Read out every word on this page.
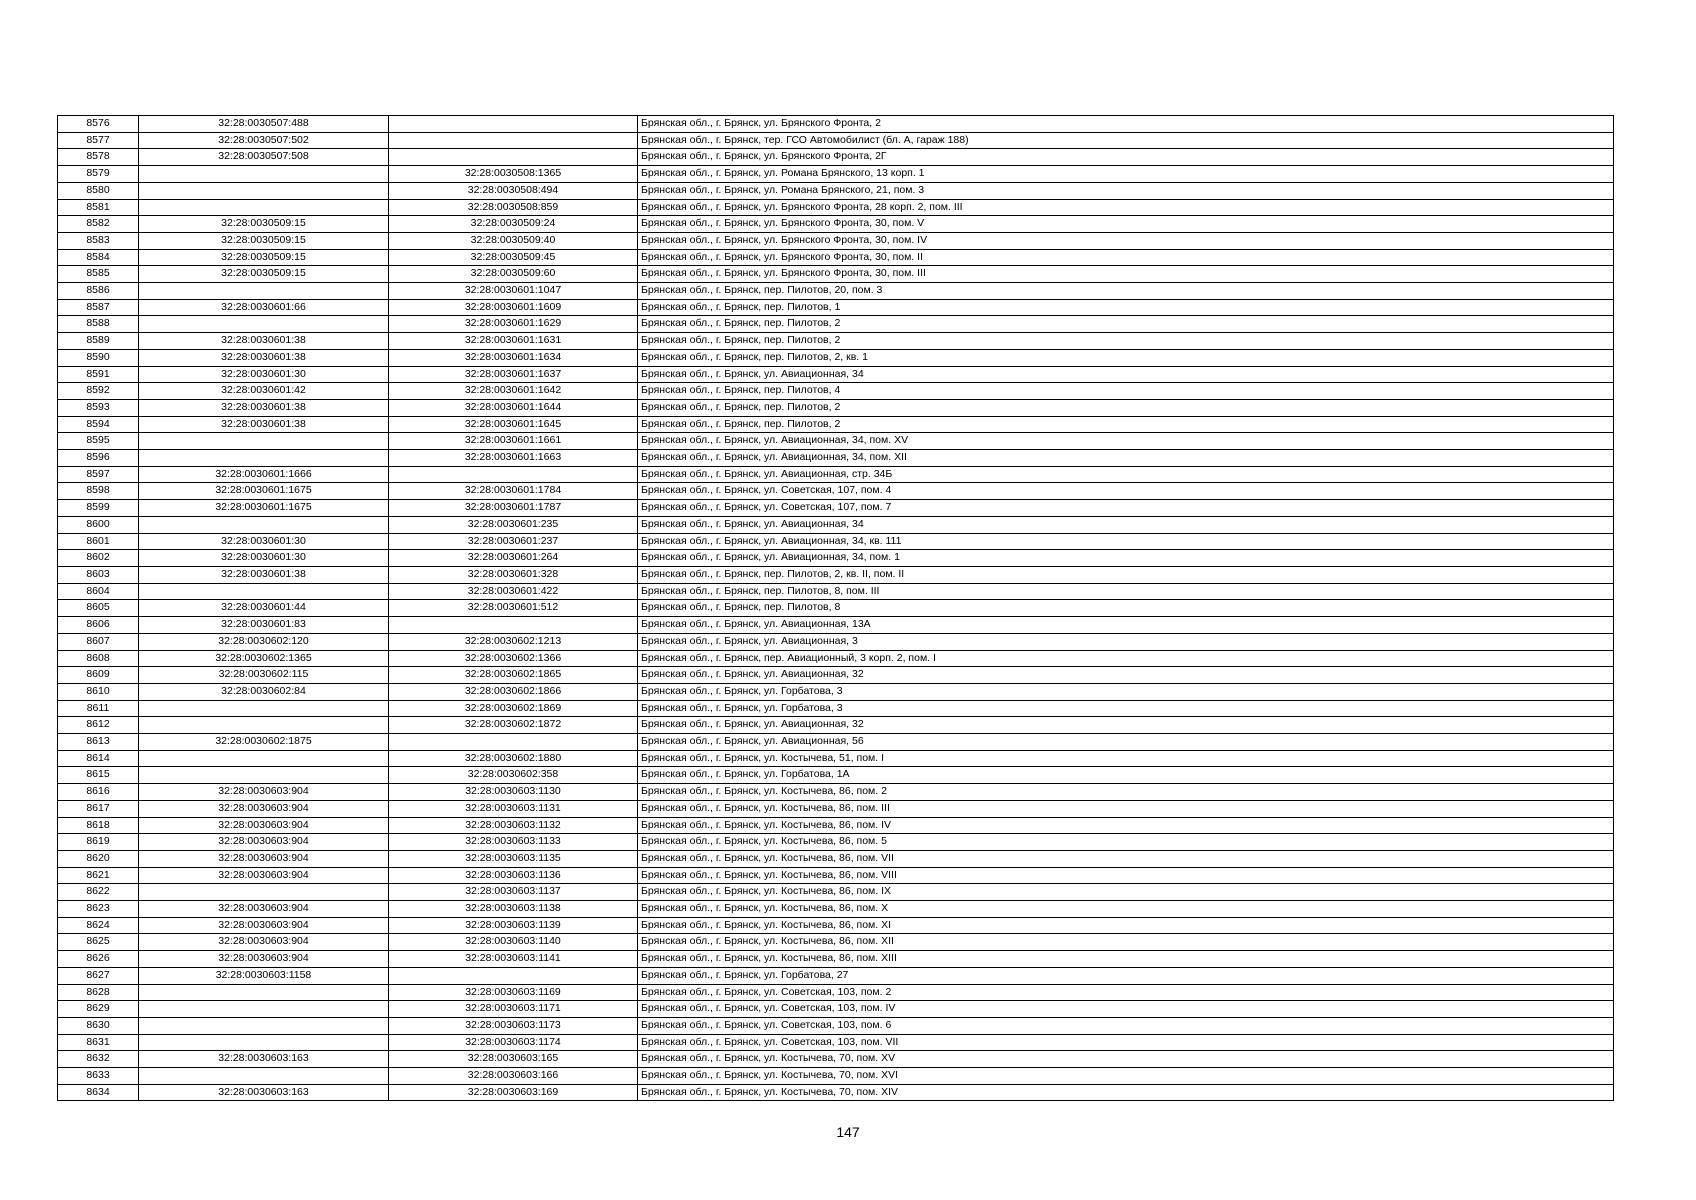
8576	32:28:0030507:488		Брянская обл., г. Брянск, ул. Брянского Фронта, 2
8577	32:28:0030507:502		Брянская обл., г. Брянск, тер. ГСО Автомобилист (бл. А, гараж 188)
8578	32:28:0030507:508		Брянская обл., г. Брянск, ул. Брянского Фронта, 2Г
8579		32:28:0030508:1365	Брянская обл., г. Брянск, ул. Романа Брянского, 13 корп. 1
8580		32:28:0030508:494	Брянская обл., г. Брянск, ул. Романа Брянского, 21, пом. 3
8581		32:28:0030508:859	Брянская обл., г. Брянск, ул. Брянского Фронта, 28 корп. 2, пом. III
8582	32:28:0030509:15	32:28:0030509:24	Брянская обл., г. Брянск, ул. Брянского Фронта, 30, пом. V
8583	32:28:0030509:15	32:28:0030509:40	Брянская обл., г. Брянск, ул. Брянского Фронта, 30, пом. IV
8584	32:28:0030509:15	32:28:0030509:45	Брянская обл., г. Брянск, ул. Брянского Фронта, 30, пом. II
8585	32:28:0030509:15	32:28:0030509:60	Брянская обл., г. Брянск, ул. Брянского Фронта, 30, пом. III
8586		32:28:0030601:1047	Брянская обл., г. Брянск, пер. Пилотов, 20, пом. 3
8587	32:28:0030601:66	32:28:0030601:1609	Брянская обл., г. Брянск, пер. Пилотов, 1
8588		32:28:0030601:1629	Брянская обл., г. Брянск, пер. Пилотов, 2
8589	32:28:0030601:38	32:28:0030601:1631	Брянская обл., г. Брянск, пер. Пилотов, 2
8590	32:28:0030601:38	32:28:0030601:1634	Брянская обл., г. Брянск, пер. Пилотов, 2, кв. 1
8591	32:28:0030601:30	32:28:0030601:1637	Брянская обл., г. Брянск, ул. Авиационная, 34
8592	32:28:0030601:42	32:28:0030601:1642	Брянская обл., г. Брянск, пер. Пилотов, 4
8593	32:28:0030601:38	32:28:0030601:1644	Брянская обл., г. Брянск, пер. Пилотов, 2
8594	32:28:0030601:38	32:28:0030601:1645	Брянская обл., г. Брянск, пер. Пилотов, 2
8595		32:28:0030601:1661	Брянская обл., г. Брянск, ул. Авиационная, 34, пом. XV
8596		32:28:0030601:1663	Брянская обл., г. Брянск, ул. Авиационная, 34, пом. XII
8597	32:28:0030601:1666		Брянская обл., г. Брянск, ул. Авиационная, стр. 34Б
8598	32:28:0030601:1675	32:28:0030601:1784	Брянская обл., г. Брянск, ул. Советская, 107, пом. 4
8599	32:28:0030601:1675	32:28:0030601:1787	Брянская обл., г. Брянск, ул. Советская, 107, пом. 7
8600		32:28:0030601:235	Брянская обл., г. Брянск, ул. Авиационная, 34
8601	32:28:0030601:30	32:28:0030601:237	Брянская обл., г. Брянск, ул. Авиационная, 34, кв. 111
8602	32:28:0030601:30	32:28:0030601:264	Брянская обл., г. Брянск, ул. Авиационная, 34, пом. 1
8603	32:28:0030601:38	32:28:0030601:328	Брянская обл., г. Брянск, пер. Пилотов, 2, кв. II, пом. II
8604		32:28:0030601:422	Брянская обл., г. Брянск, пер. Пилотов, 8, пом. III
8605	32:28:0030601:44	32:28:0030601:512	Брянская обл., г. Брянск, пер. Пилотов, 8
8606	32:28:0030601:83		Брянская обл., г. Брянск, ул. Авиационная, 13А
8607	32:28:0030602:120	32:28:0030602:1213	Брянская обл., г. Брянск, ул. Авиационная, 3
8608	32:28:0030602:1365	32:28:0030602:1366	Брянская обл., г. Брянск, пер. Авиационный, 3 корп. 2, пом. I
8609	32:28:0030602:115	32:28:0030602:1865	Брянская обл., г. Брянск, ул. Авиационная, 32
8610	32:28:0030602:84	32:28:0030602:1866	Брянская обл., г. Брянск, ул. Горбатова, 3
8611		32:28:0030602:1869	Брянская обл., г. Брянск, ул. Горбатова, 3
8612		32:28:0030602:1872	Брянская обл., г. Брянск, ул. Авиационная, 32
8613	32:28:0030602:1875		Брянская обл., г. Брянск, ул. Авиационная, 56
8614		32:28:0030602:1880	Брянская обл., г. Брянск, ул. Костычева, 51, пом. I
8615		32:28:0030602:358	Брянская обл., г. Брянск, ул. Горбатова, 1А
8616	32:28:0030603:904	32:28:0030603:1130	Брянская обл., г. Брянск, ул. Костычева, 86, пом. 2
8617	32:28:0030603:904	32:28:0030603:1131	Брянская обл., г. Брянск, ул. Костычева, 86, пом. III
8618	32:28:0030603:904	32:28:0030603:1132	Брянская обл., г. Брянск, ул. Костычева, 86, пом. IV
8619	32:28:0030603:904	32:28:0030603:1133	Брянская обл., г. Брянск, ул. Костычева, 86, пом. 5
8620	32:28:0030603:904	32:28:0030603:1135	Брянская обл., г. Брянск, ул. Костычева, 86, пом. VII
8621	32:28:0030603:904	32:28:0030603:1136	Брянская обл., г. Брянск, ул. Костычева, 86, пом. VIII
8622		32:28:0030603:1137	Брянская обл., г. Брянск, ул. Костычева, 86, пом. IX
8623	32:28:0030603:904	32:28:0030603:1138	Брянская обл., г. Брянск, ул. Костычева, 86, пом. X
8624	32:28:0030603:904	32:28:0030603:1139	Брянская обл., г. Брянск, ул. Костычева, 86, пом. XI
8625	32:28:0030603:904	32:28:0030603:1140	Брянская обл., г. Брянск, ул. Костычева, 86, пом. XII
8626	32:28:0030603:904	32:28:0030603:1141	Брянская обл., г. Брянск, ул. Костычева, 86, пом. XIII
8627	32:28:0030603:1158		Брянская обл., г. Брянск, ул. Горбатова, 27
8628		32:28:0030603:1169	Брянская обл., г. Брянск, ул. Советская, 103, пом. 2
8629		32:28:0030603:1171	Брянская обл., г. Брянск, ул. Советская, 103, пом. IV
8630		32:28:0030603:1173	Брянская обл., г. Брянск, ул. Советская, 103, пом. 6
8631		32:28:0030603:1174	Брянская обл., г. Брянск, ул. Советская, 103, пом. VII
8632	32:28:0030603:163	32:28:0030603:165	Брянская обл., г. Брянск, ул. Костычева, 70, пом. XV
8633		32:28:0030603:166	Брянская обл., г. Брянск, ул. Костычева, 70, пом. XVI
8634	32:28:0030603:163	32:28:0030603:169	Брянская обл., г. Брянск, ул. Костычева, 70, пом. XIV
147
